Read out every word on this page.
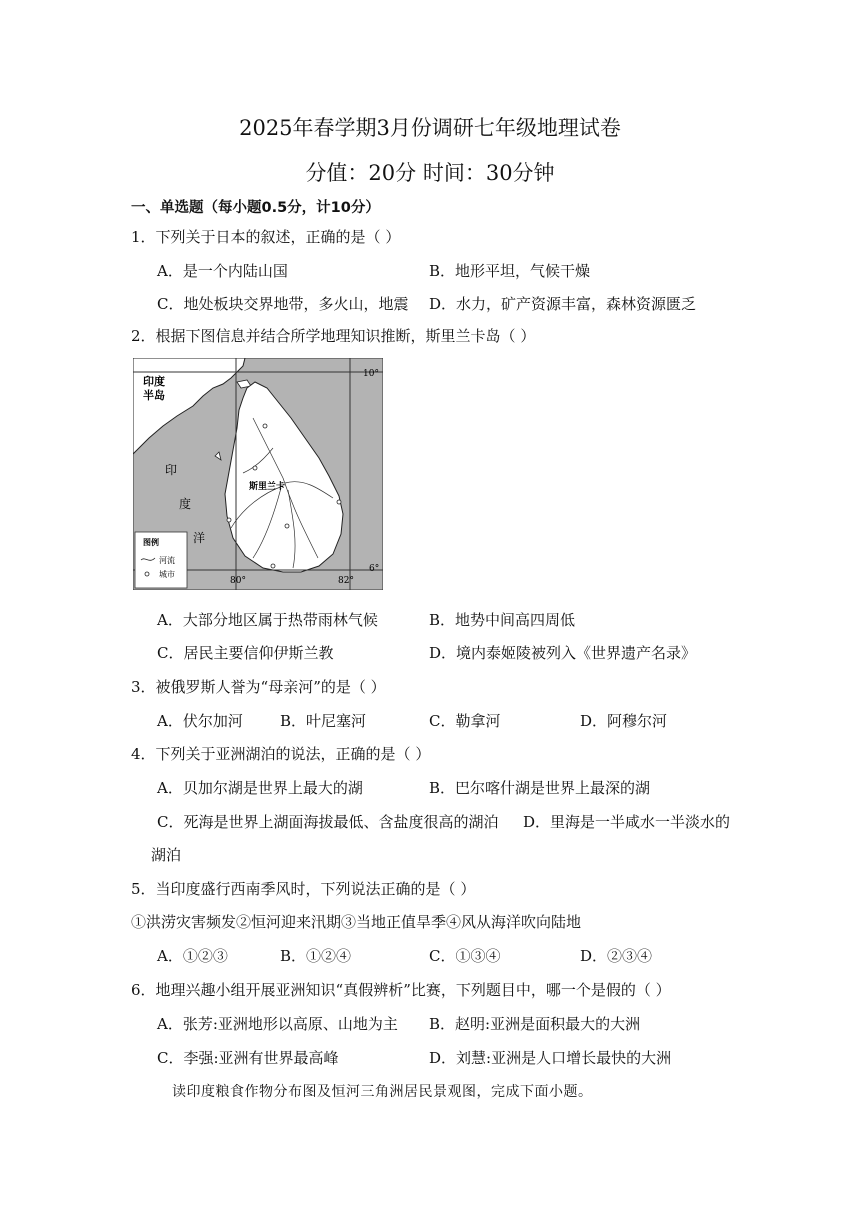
2025年春学期3月份调研七年级地理试卷
分值：20分 时间：30分钟
一、单选题（每小题0.5分，计10分）
1．下列关于日本的叙述，正确的是（ ）
A．是一个内陆山国	B．地形平坦，气候干燥
C．地处板块交界地带，多火山，地震 D．水力，矿产资源丰富，森林资源匮乏
2．根据下图信息并结合所学地理知识推断，斯里兰卡岛（ ）
印度
半岛
印
度
洋
斯里兰卡
10°
6°
80°	82°
图例
河流
城市
A．大部分地区属于热带雨林气候	B．地势中间高四周低
C．居民主要信仰伊斯兰教	D．境内泰姬陵被列入《世界遗产名录》
3．被俄罗斯人誉为“母亲河”的是（ ）
A．伏尔加河 B．叶尼塞河	C．勒拿河	D．阿穆尔河
4．下列关于亚洲湖泊的说法，正确的是（ ）
A．贝加尔湖是世界上最大的湖	B．巴尔喀什湖是世界上最深的湖
C．死海是世界上湖面海拔最低、含盐度很高的湖泊 D．里海是一半咸水一半淡水的
湖泊
5．当印度盛行西南季风时，下列说法正确的是（ ）
①洪涝灾害频发②恒河迎来汛期③当地正值旱季④风从海洋吹向陆地
A．①②③	B．①②④	C．①③④	D．②③④
6．地理兴趣小组开展亚洲知识“真假辨析”比赛，下列题目中，哪一个是假的（ ）
A．张芳:亚洲地形以高原、山地为主 B．赵明:亚洲是面积最大的大洲
C．李强:亚洲有世界最高峰	D．刘慧:亚洲是人口增长最快的大洲
读印度粮食作物分布图及恒河三角洲居民景观图，完成下面小题。
